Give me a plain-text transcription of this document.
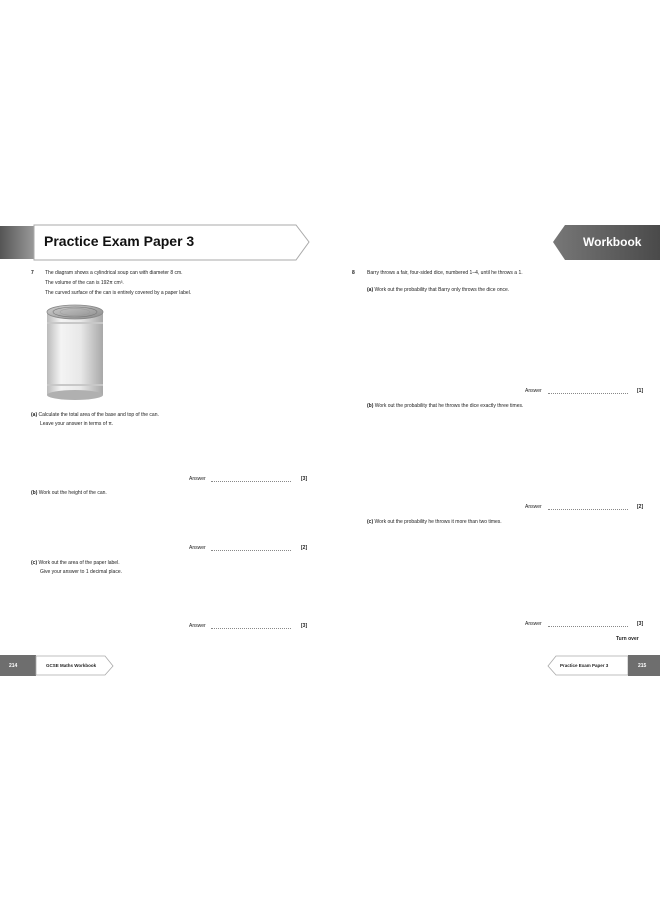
Practice Exam Paper 3	Workbook
7 The diagram shows a cylindrical soup can with diameter 8 cm.
The volume of the can is 192π cm³.
The curved surface of the can is entirely covered by a paper label.
(a) Calculate the total area of the base and top of the can.
Leave your answer in terms of π.
Answer	[3]
(b) Work out the height of the can.
Answer	[2]
(c) Work out the area of the paper label.
Give your answer to 1 decimal place.
Answer	[3]
8 Barry throws a fair, four-sided dice, numbered 1–4, until he throws a 1.
(a) Work out the probability that Barry only throws the dice once.
Answer	[1]
(b) Work out the probability that he throws the dice exactly three times.
Answer	[2]
(c) Work out the probability he throws it more than two times.
Answer	[3]
Turn over
214	GCSE Maths Workbook	Practice Exam Paper 3	215
